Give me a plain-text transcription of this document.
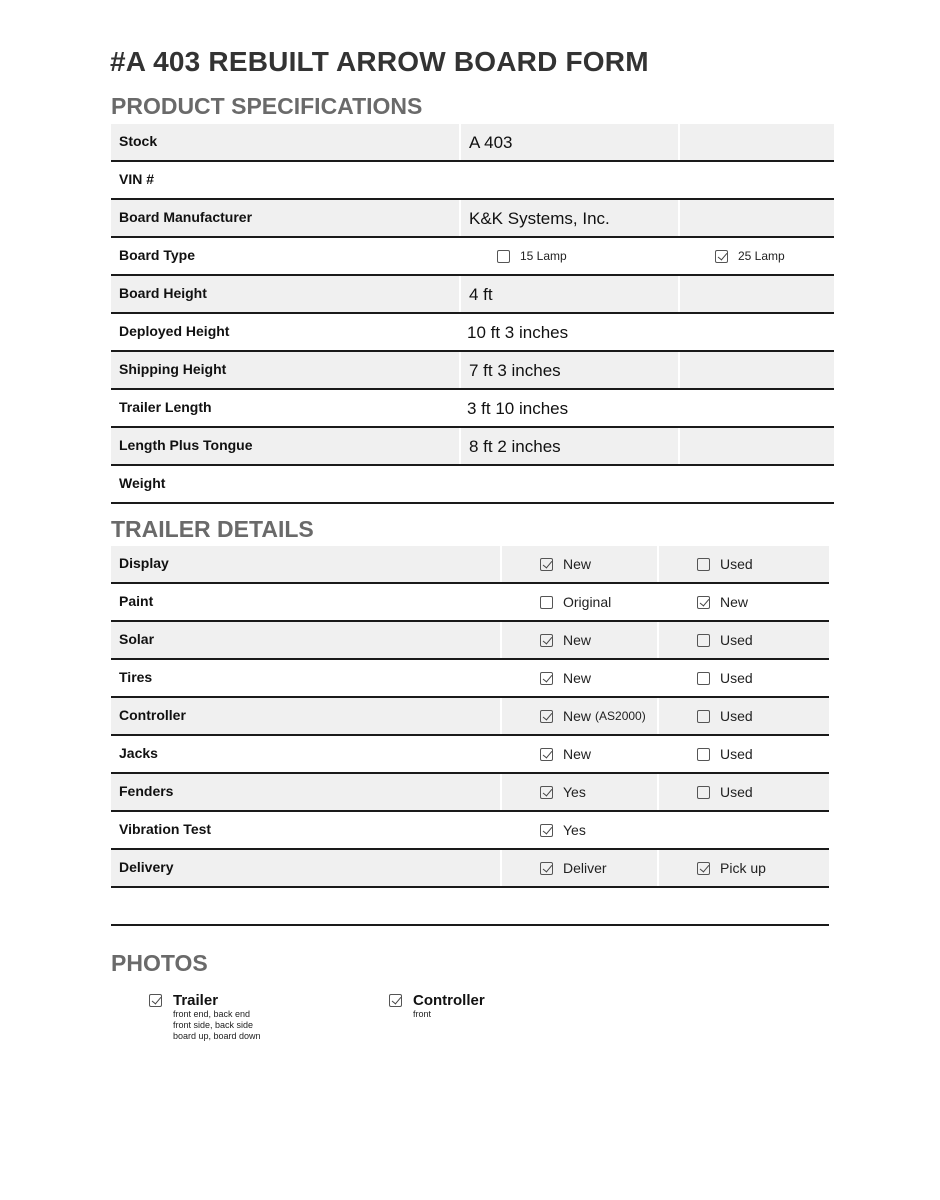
#A 403 REBUILT ARROW BOARD FORM
PRODUCT SPECIFICATIONS
Stock	A 403
VIN #
Board Manufacturer	K&K Systems, Inc.
Board Type	15 Lamp	25 Lamp
Board Height	4 ft
Deployed Height	10 ft 3 inches
Shipping Height	7 ft 3 inches
Trailer Length	3 ft 10 inches
Length Plus Tongue	8 ft 2 inches
Weight
TRAILER DETAILS
Display	New	Used
Paint	Original	New
Solar	New	Used
Tires	New	Used
Controller	New (AS2000)	Used
Jacks	New	Used
Fenders	Yes	Used
Vibration Test	Yes
Delivery	Deliver	Pick up
PHOTOS
Trailer
front end, back end
front side, back side
board up, board down
Controller
front
